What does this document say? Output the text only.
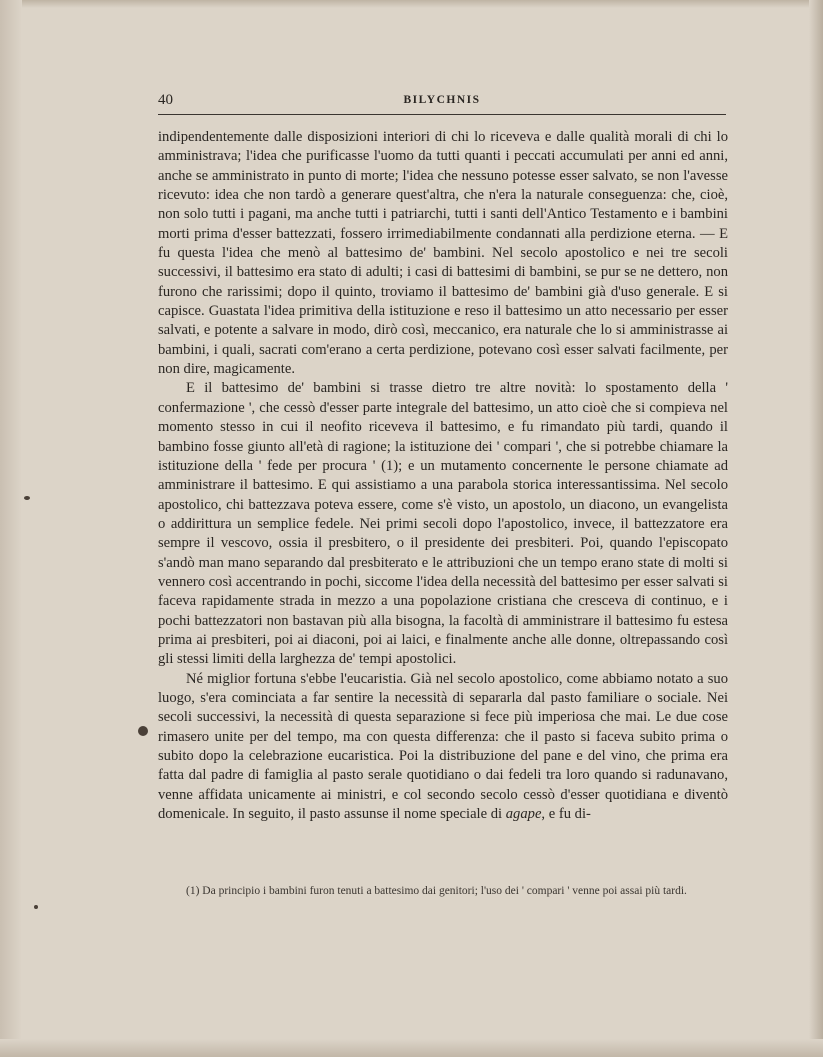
40	BILYCHNIS

indipendentemente dalle disposizioni interiori di chi lo riceveva e dalle qualità morali di chi lo amministrava; l'idea che purificasse l'uomo da tutti quanti i peccati accumulati per anni ed anni, anche se amministrato in punto di morte; l'idea che nessuno potesse esser salvato, se non l'avesse ricevuto: idea che non tardò a generare quest'altra, che n'era la naturale conseguenza: che, cioè, non solo tutti i pagani, ma anche tutti i patriarchi, tutti i santi dell'Antico Testamento e i bambini morti prima d'esser battezzati, fossero irrimediabilmente condannati alla perdizione eterna. — E fu questa l'idea che menò al battesimo de' bambini. Nel secolo apostolico e nei tre secoli successivi, il battesimo era stato di adulti; i casi di battesimi di bambini, se pur se ne dettero, non furono che rarissimi; dopo il quinto, troviamo il battesimo de' bambini già d'uso generale. E si capisce. Guastata l'idea primitiva della istituzione e reso il battesimo un atto necessario per esser salvati, e potente a salvare in modo, dirò così, meccanico, era naturale che lo si amministrasse ai bambini, i quali, sacrati com'erano a certa perdizione, potevano così esser salvati facilmente, per non dire, magicamente.

E il battesimo de' bambini si trasse dietro tre altre novità: lo spostamento della ' confermazione ', che cessò d'esser parte integrale del battesimo, un atto cioè che si compieva nel momento stesso in cui il neofito riceveva il battesimo, e fu rimandato più tardi, quando il bambino fosse giunto all'età di ragione; la istituzione dei ' compari ', che si potrebbe chiamare la istituzione della ' fede per procura ' (1); e un mutamento concernente le persone chiamate ad amministrare il battesimo. E qui assistiamo a una parabola storica interessantissima. Nel secolo apostolico, chi battezzava poteva essere, come s'è visto, un apostolo, un diacono, un evangelista o addirittura un semplice fedele. Nei primi secoli dopo l'apostolico, invece, il battezzatore era sempre il vescovo, ossia il presbitero, o il presidente dei presbiteri. Poi, quando l'episcopato s'andò man mano separando dal presbiterato e le attribuzioni che un tempo erano state di molti si vennero così accentrando in pochi, siccome l'idea della necessità del battesimo per esser salvati si faceva rapidamente strada in mezzo a una popolazione cristiana che cresceva di continuo, e i pochi battezzatori non bastavan più alla bisogna, la facoltà di amministrare il battesimo fu estesa prima ai presbiteri, poi ai diaconi, poi ai laici, e finalmente anche alle donne, oltrepassando così gli stessi limiti della larghezza de' tempi apostolici.

Né miglior fortuna s'ebbe l'eucaristia. Già nel secolo apostolico, come abbiamo notato a suo luogo, s'era cominciata a far sentire la necessità di separarla dal pasto familiare o sociale. Nei secoli successivi, la necessità di questa separazione si fece più imperiosa che mai. Le due cose rimasero unite per del tempo, ma con questa differenza: che il pasto si faceva subito prima o subito dopo la celebrazione eucaristica. Poi la distribuzione del pane e del vino, che prima era fatta dal padre di famiglia al pasto serale quotidiano o dai fedeli tra loro quando si radunavano, venne affidata unicamente ai ministri, e col secondo secolo cessò d'esser quotidiana e diventò domenicale. In seguito, il pasto assunse il nome speciale di agape, e fu di-

(1) Da principio i bambini furon tenuti a battesimo dai genitori; l'uso dei ' compari ' venne poi assai più tardi.
